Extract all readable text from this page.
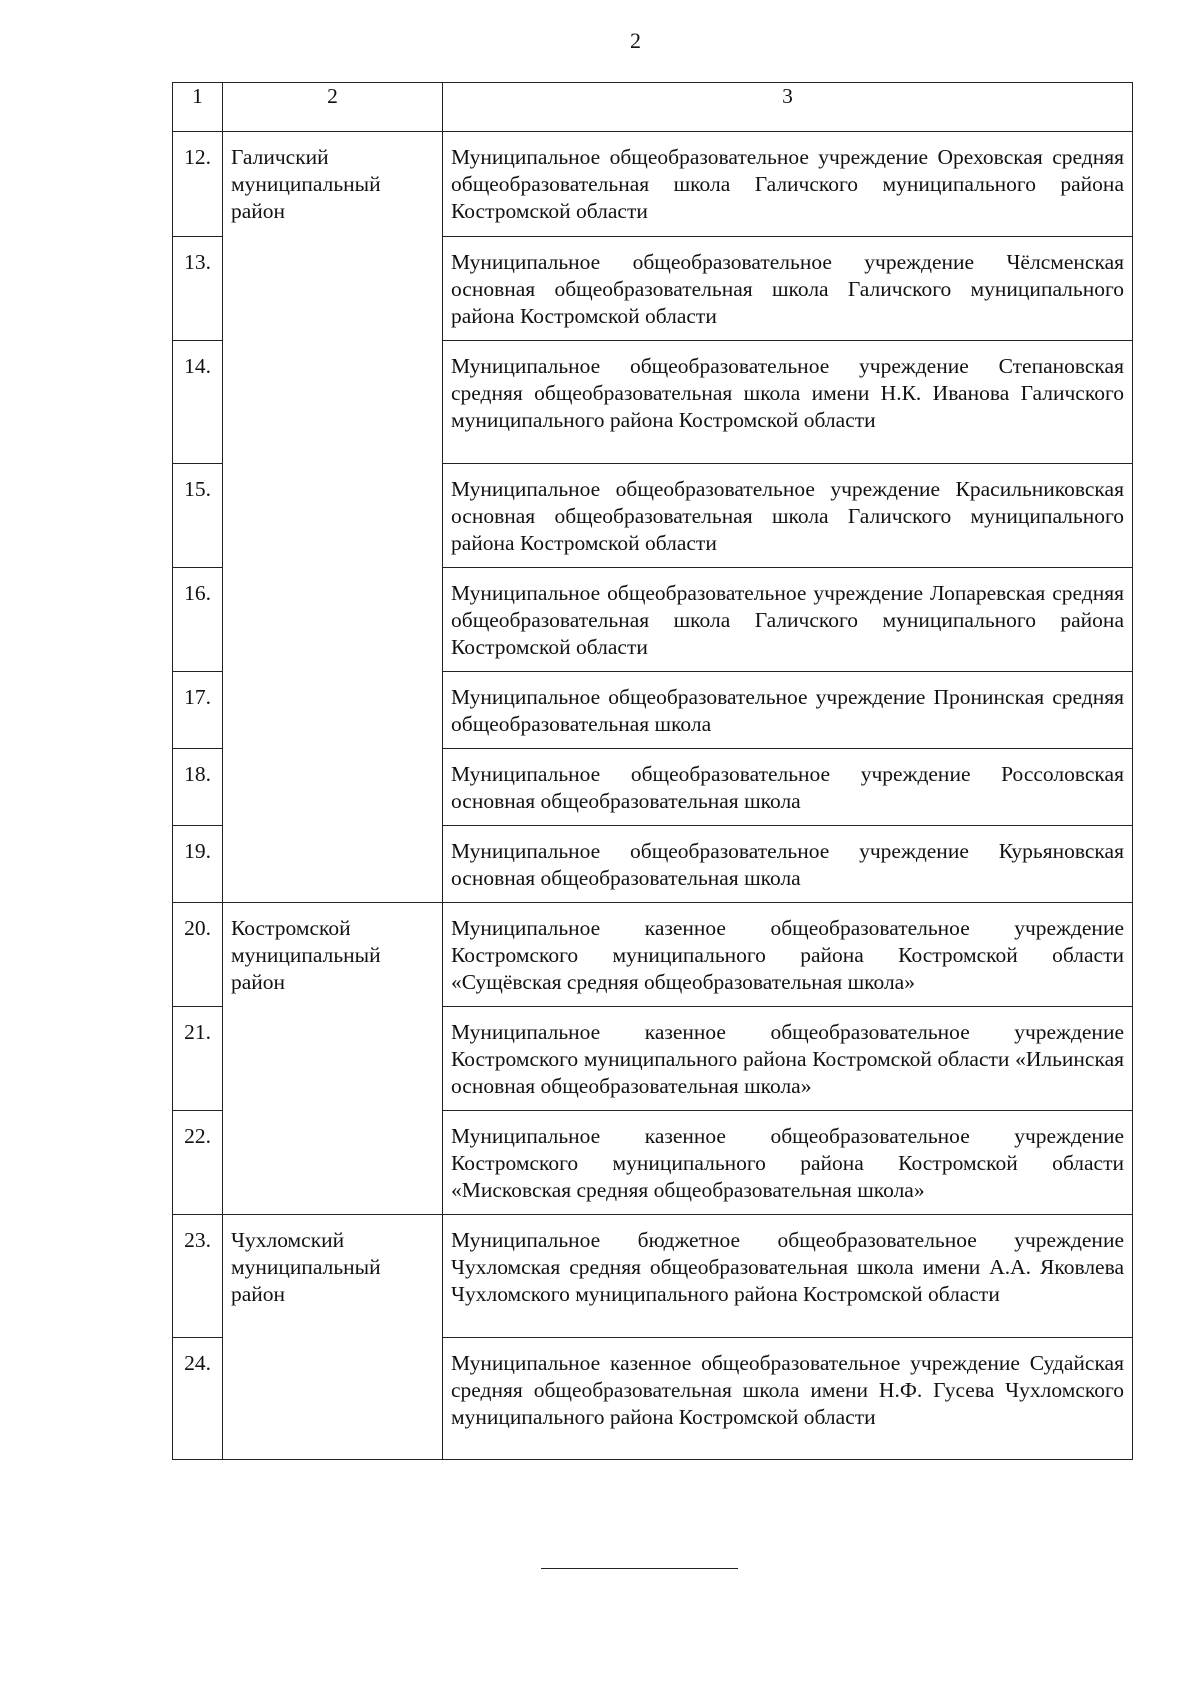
2
1	2	3
12.	Галичский муниципальный район	Муниципальное общеобразовательное учреждение Ореховская средняя общеобразовательная школа Галичского муниципального района Костромской области
13.		Муниципальное общеобразовательное учреждение Чёлсменская основная общеобразовательная школа Галичского муниципального района Костромской области
14.		Муниципальное общеобразовательное учреждение Степановская средняя общеобразовательная школа имени Н.К. Иванова Галичского муниципального района Костромской области
15.		Муниципальное общеобразовательное учреждение Красильниковская основная общеобразовательная школа Галичского муниципального района Костромской области
16.		Муниципальное общеобразовательное учреждение Лопаревская средняя общеобразовательная школа Галичского муниципального района Костромской области
17.		Муниципальное общеобразовательное учреждение Пронинская средняя общеобразовательная школа
18.		Муниципальное общеобразовательное учреждение Россоловская основная общеобразовательная школа
19.		Муниципальное общеобразовательное учреждение Курьяновская основная общеобразовательная школа
20.	Костромской муниципальный район	Муниципальное казенное общеобразовательное учреждение Костромского муниципального района Костромской области «Сущёвская средняя общеобразовательная школа»
21.		Муниципальное казенное общеобразовательное учреждение Костромского муниципального района Костромской области «Ильинская основная общеобразовательная школа»
22.		Муниципальное казенное общеобразовательное учреждение Костромского муниципального района Костромской области «Мисковская средняя общеобразовательная школа»
23.	Чухломский муниципальный район	Муниципальное бюджетное общеобразовательное учреждение Чухломская средняя общеобразовательная школа имени А.А. Яковлева Чухломского муниципального района Костромской области
24.		Муниципальное казенное общеобразовательное учреждение Судайская средняя общеобразовательная школа имени Н.Ф. Гусева Чухломского муниципального района Костромской области
